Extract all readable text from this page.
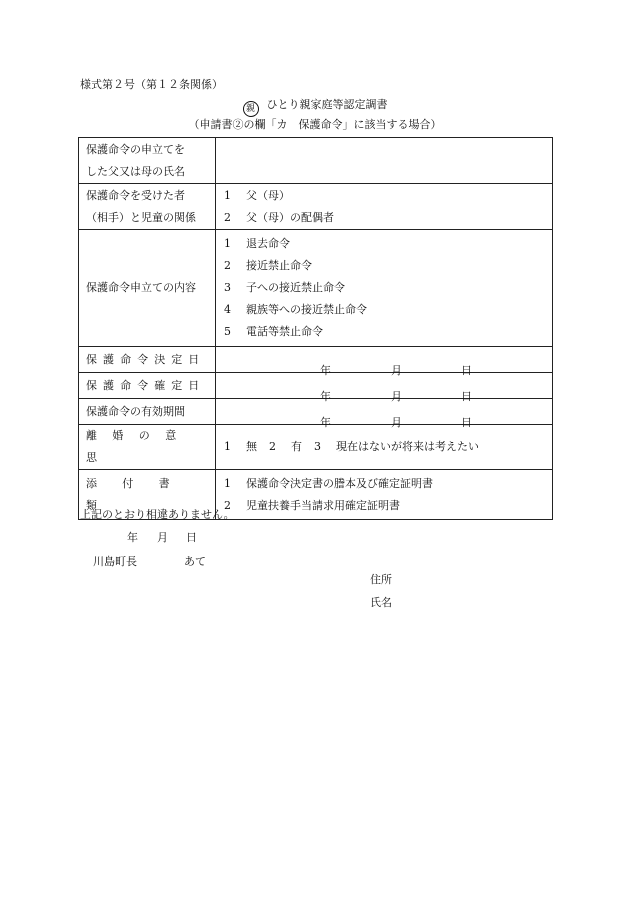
様式第２号（第１２条関係）
親 ひとり親家庭等認定調書
（申請書②の欄「カ　保護命令」に該当する場合）
保護命令の申立てを
した父又は母の氏名	

保護命令を受けた者
（相手）と児童の関係	1 父（母）
2 父（母）の配偶者

保護命令申立ての内容	1 退去命令
2 接近禁止命令
3 子への接近禁止命令
4 親族等への接近禁止命令
5 電話等禁止命令

保護命令決定日	年 月 日

保護命令確定日	年 月 日

保護命令の有効期間	年 月 日

離婚の意思	1 無 2 有 3 現在はないが将来は考えたい
添付書類	1 保護命令決定書の謄本及び確定証明書
2 児童扶養手当請求用確定証明書
上記のとおり相違ありません。
年 月 日
川島町長	あて
住所
氏名
